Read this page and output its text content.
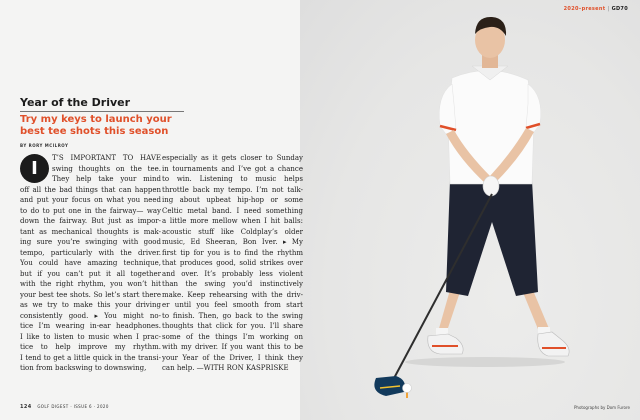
2020–present | GD70
Year of the Driver
Try my keys to launch your
best tee shots this season
BY RORY MCILROY
I	T’S IMPORTANT TO HAVE
swing thoughts on the tee.
They help take your mind
off all the bad things that can happen
and put your focus on what you need
to do to put one in the fairway— way
down the fairway. But just as impor-
tant as mechanical thoughts is mak-
ing sure you’re swinging with good
tempo, particularly with the driver.
You could have amazing technique,
but if you can’t put it all together
with the right rhythm, you won’t hit
your best tee shots. So let’s start there
as we try to make this your driving
consistently good. ▸ You might no-
tice I’m wearing in-ear headphones.
I like to listen to music when I prac-
tice to help improve my rhythm.
I tend to get a little quick in the transi-
tion from backswing to downswing,
especially as it gets closer to Sunday
in tournaments and I’ve got a chance
to win. Listening to music helps
throttle back my tempo. I’m not talk-
ing about upbeat hip-hop or some
Celtic metal band. I need something
a little more mellow when I hit balls:
acoustic stuff like Coldplay’s older
music, Ed Sheeran, Bon Iver. ▸ My
first tip for you is to find the rhythm
that produces good, solid strikes over
and over. It’s probably less violent
than the swing you’d instinctively
make. Keep rehearsing with the driv-
er until you feel smooth from start
to finish. Then, go back to the swing
thoughts that click for you. I’ll share
some of the things I’m working on
with my driver. If you want this to be
your Year of the Driver, I think they
can help. —WITH RON KASPRISKE
124 GOLF DIGEST · ISSUE 6 · 2020	Photographs by Dom Furore
